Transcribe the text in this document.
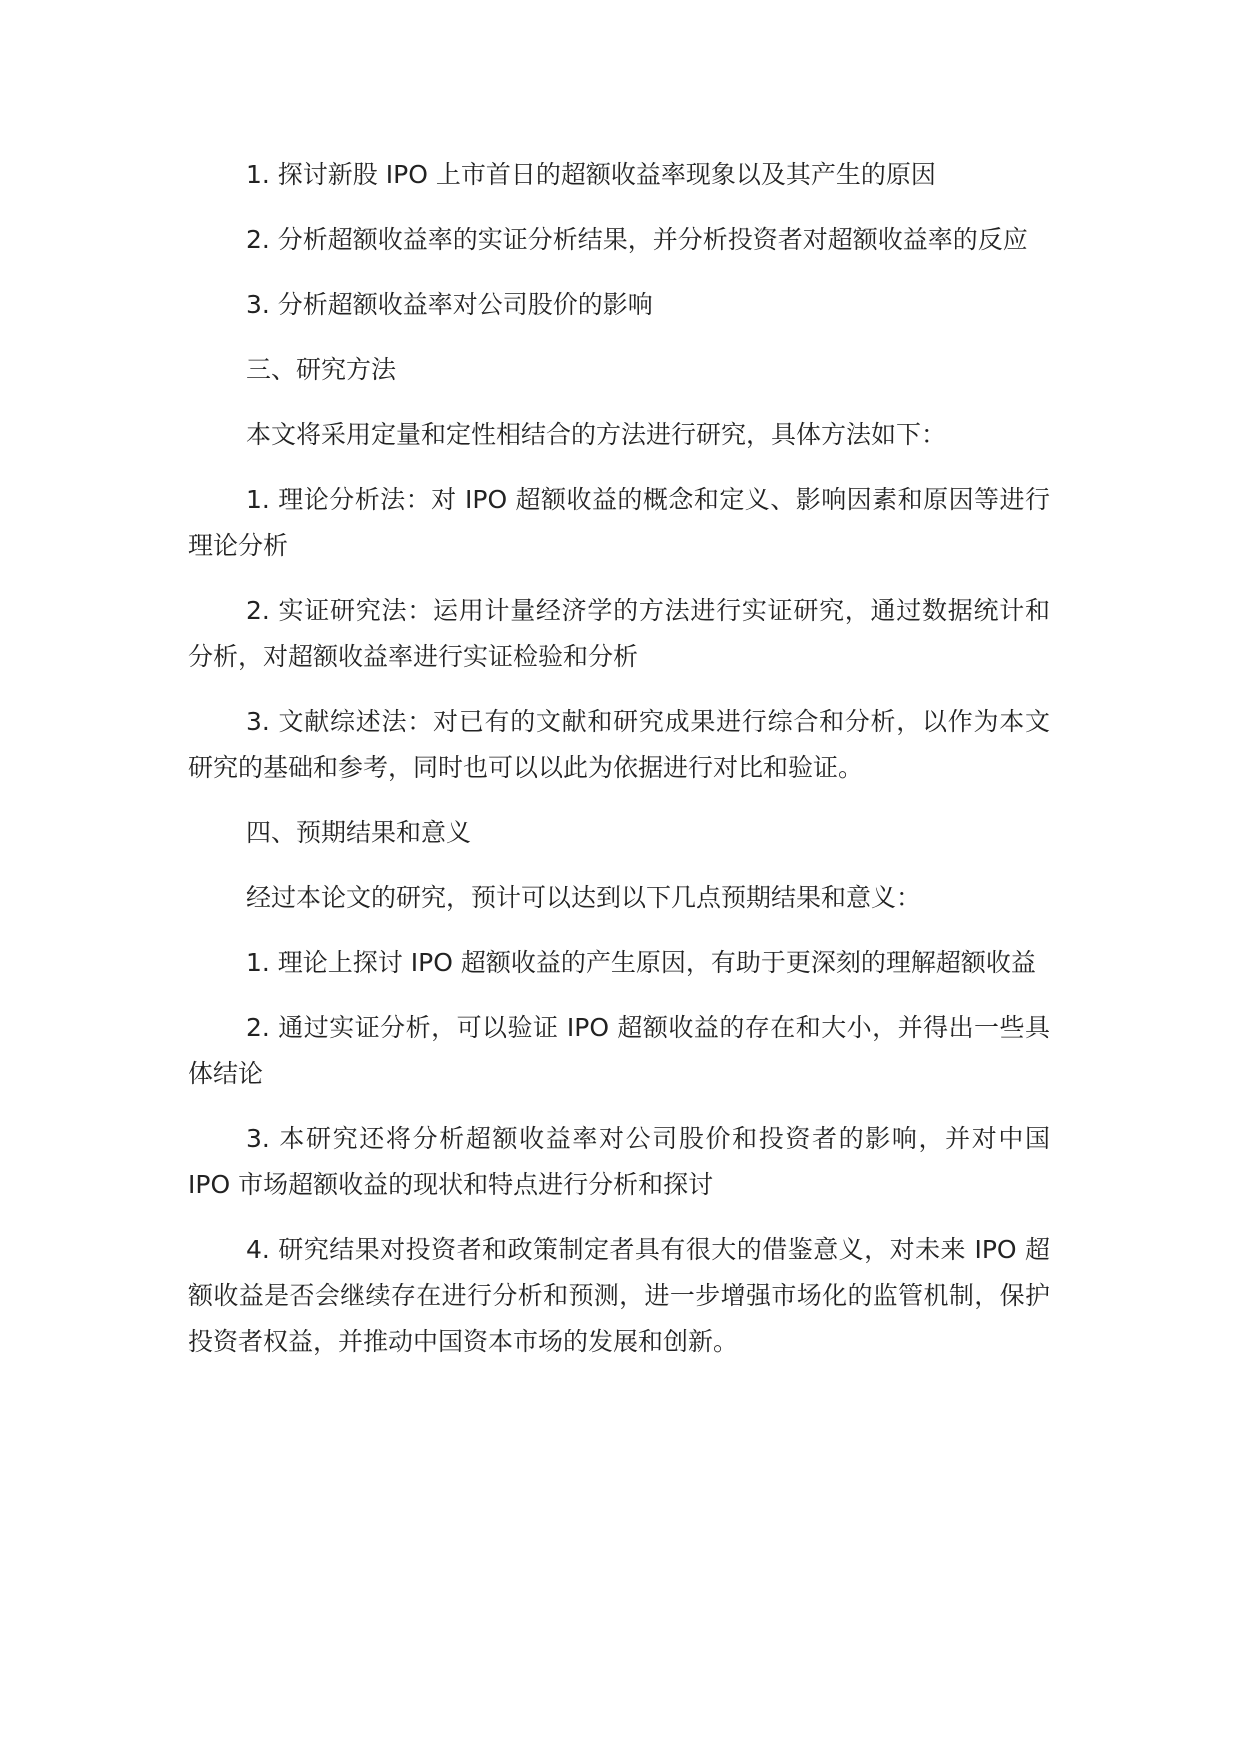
1. 探讨新股 IPO 上市首日的超额收益率现象以及其产生的原因

2. 分析超额收益率的实证分析结果，并分析投资者对超额收益率的反应

3. 分析超额收益率对公司股价的影响

三、研究方法

本文将采用定量和定性相结合的方法进行研究，具体方法如下：

1. 理论分析法：对 IPO 超额收益的概念和定义、影响因素和原因等进行理论分析

2. 实证研究法：运用计量经济学的方法进行实证研究，通过数据统计和分析，对超额收益率进行实证检验和分析

3. 文献综述法：对已有的文献和研究成果进行综合和分析，以作为本文研究的基础和参考，同时也可以以此为依据进行对比和验证。

四、预期结果和意义

经过本论文的研究，预计可以达到以下几点预期结果和意义：

1. 理论上探讨 IPO 超额收益的产生原因，有助于更深刻的理解超额收益

2. 通过实证分析，可以验证 IPO 超额收益的存在和大小，并得出一些具体结论

3. 本研究还将分析超额收益率对公司股价和投资者的影响，并对中国 IPO 市场超额收益的现状和特点进行分析和探讨

4. 研究结果对投资者和政策制定者具有很大的借鉴意义，对未来 IPO 超额收益是否会继续存在进行分析和预测，进一步增强市场化的监管机制，保护投资者权益，并推动中国资本市场的发展和创新。
